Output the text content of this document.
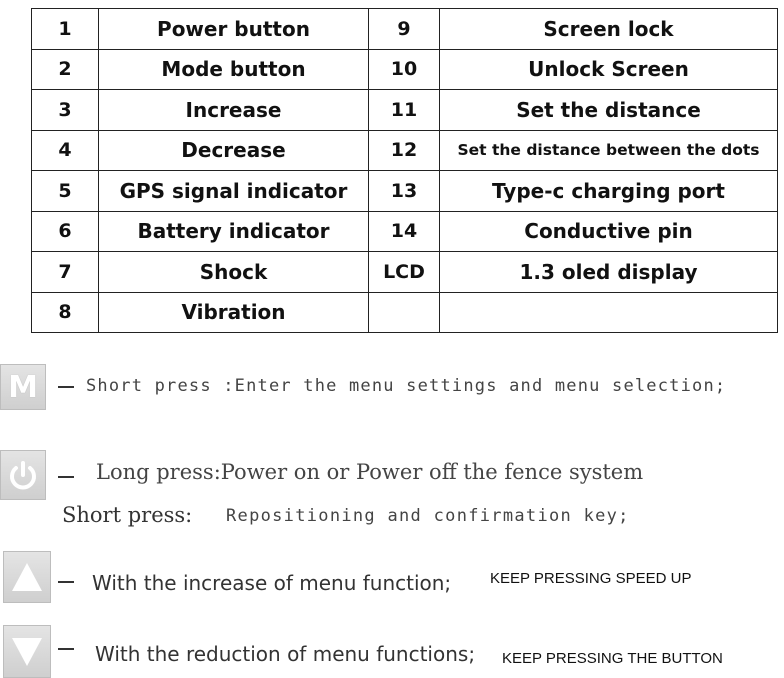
1	Power button	9	Screen lock
2	Mode button	10	Unlock Screen
3	Increase	11	Set the distance
4	Decrease	12	Set the distance between the dots
5	GPS signal indicator	13	Type-c charging port
6	Battery indicator	14	Conductive pin
7	Shock	LCD	1.3 oled display
8	Vibration		
M	Short press :Enter the menu settings and menu selection;
Long press:Power on or Power off the fence system
Short press: Repositioning and confirmation key;
With the increase of menu function;	KEEP PRESSING SPEED UP
With the reduction of menu functions; KEEP PRESSING THE BUTTON
